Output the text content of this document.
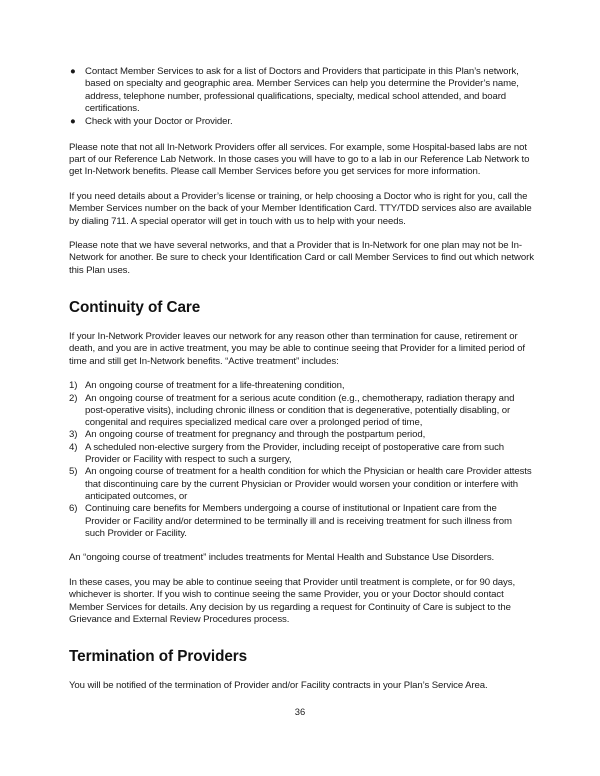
● Contact Member Services to ask for a list of Doctors and Providers that participate in this Plan’s network, based on specialty and geographic area. Member Services can help you determine the Provider’s name, address, telephone number, professional qualifications, specialty, medical school attended, and board certifications.
● Check with your Doctor or Provider.

Please note that not all In-Network Providers offer all services. For example, some Hospital-based labs are not part of our Reference Lab Network. In those cases you will have to go to a lab in our Reference Lab Network to get In-Network benefits. Please call Member Services before you get services for more information.

If you need details about a Provider’s license or training, or help choosing a Doctor who is right for you, call the Member Services number on the back of your Member Identification Card. TTY/TDD services also are available by dialing 711. A special operator will get in touch with us to help with your needs.

Please note that we have several networks, and that a Provider that is In-Network for one plan may not be In-Network for another. Be sure to check your Identification Card or call Member Services to find out which network this Plan uses.

Continuity of Care

If your In-Network Provider leaves our network for any reason other than termination for cause, retirement or death, and you are in active treatment, you may be able to continue seeing that Provider for a limited period of time and still get In-Network benefits. “Active treatment” includes:

1) An ongoing course of treatment for a life-threatening condition,
2) An ongoing course of treatment for a serious acute condition (e.g., chemotherapy, radiation therapy and post-operative visits), including chronic illness or condition that is degenerative, potentially disabling, or congenital and requires specialized medical care over a prolonged period of time,
3) An ongoing course of treatment for pregnancy and through the postpartum period,
4) A scheduled non-elective surgery from the Provider, including receipt of postoperative care from such Provider or Facility with respect to such a surgery,
5) An ongoing course of treatment for a health condition for which the Physician or health care Provider attests that discontinuing care by the current Physician or Provider would worsen your condition or interfere with anticipated outcomes, or
6) Continuing care benefits for Members undergoing a course of institutional or Inpatient care from the Provider or Facility and/or determined to be terminally ill and is receiving treatment for such illness from such Provider or Facility.

An “ongoing course of treatment” includes treatments for Mental Health and Substance Use Disorders.

In these cases, you may be able to continue seeing that Provider until treatment is complete, or for 90 days, whichever is shorter. If you wish to continue seeing the same Provider, you or your Doctor should contact Member Services for details. Any decision by us regarding a request for Continuity of Care is subject to the Grievance and External Review Procedures process.

Termination of Providers

You will be notified of the termination of Provider and/or Facility contracts in your Plan’s Service Area.

36
